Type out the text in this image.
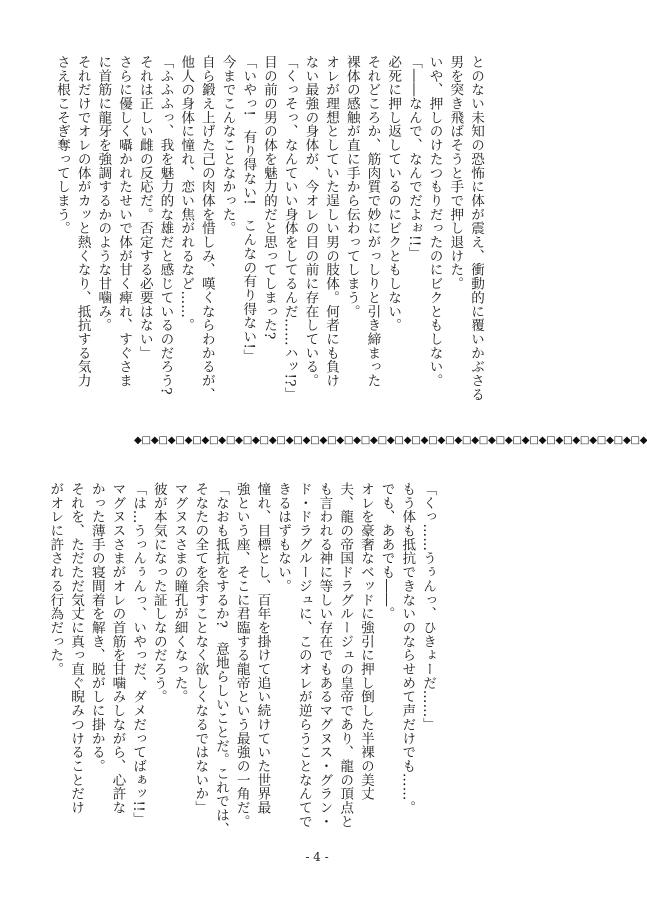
とのない未知の恐怖に体が震え、衝動的に覆いかぶさる
男を突き飛ばそうと手で押し退けた。
いや、押しのけたつもりだったのにビクともしない。
「――なんで、なんでだよぉ!!」
必死に押し返しているのにビクともしない。
それどころか、筋肉質で妙にがっしりと引き締まった
裸体の感触が直に手から伝わってしまう。
オレが理想としていた逞しい男の肢体。何者にも負け
ない最強の身体が、今オレの目の前に存在している。
「くっそっ、なんていい身体をしてるんだ……ハッ!?」
目の前の男の体を魅力的だと思ってしまった?
「いやっ!　有り得ない!　こんなの有り得ない!」
今までこんなことなかった。
自ら鍛え上げた己の肉体を惜しみ、嘆くならわかるが、
他人の身体に憧れ、恋い焦がれるなど……。
「ふふふっ、我を魅力的な雄だと感じているのだろう?
それは正しい雌の反応だ。否定する必要はない」
さらに優しく囁かれたせいで体が甘く痺れ、すぐさま
に首筋に龍牙を強調するかのような甘噛み。
それだけでオレの体がカッと熱くなり、抵抗する気力
さえ根こそぎ奪ってしまう。
◆□◆□◆□◆□◆□◆□◆□◆□◆□◆□◆□◆□◆□◆□◆□◆□◆□◆□◆□◆□◆□◆□◆□◆□◆□◆□◆□◆□◆□◆□◆
「くっ……うぅんっ、ひきょーだ……」
もう体も抵抗できないのならせめて声だけでも……。
でも、ああでも――。
オレを豪奢なベッドに強引に押し倒した半裸の美丈
夫、龍の帝国ドラグルージュの皇帝であり、龍の頂点と
も言われる神に等しい存在でもあるマグヌス・グラン・
ド・ドラグルージュに、このオレが逆らうことなんてで
きるはずもない。
憧れ、目標とし、百年を掛けて追い続けていた世界最
強という座、そこに君臨する龍帝という最強の一角だ。
「なおも抵抗をするか?　意地らしいことだ。これでは、
そなたの全てを余すことなく欲しくなるではないか」
マグヌスさまの瞳孔が細くなった。
彼が本気になった証しなのだろう。
「は…うっんぅんっ、いやっだ、ダメだってばぁッ!!」
マグヌスさまがオレの首筋を甘噛みしながら、心許な
かった薄手の寝間着を解き、脱がしに掛かる。
それを、ただただ気丈に真っ直ぐ睨みつけることだけ
がオレに許される行為だった。
- 4 -
